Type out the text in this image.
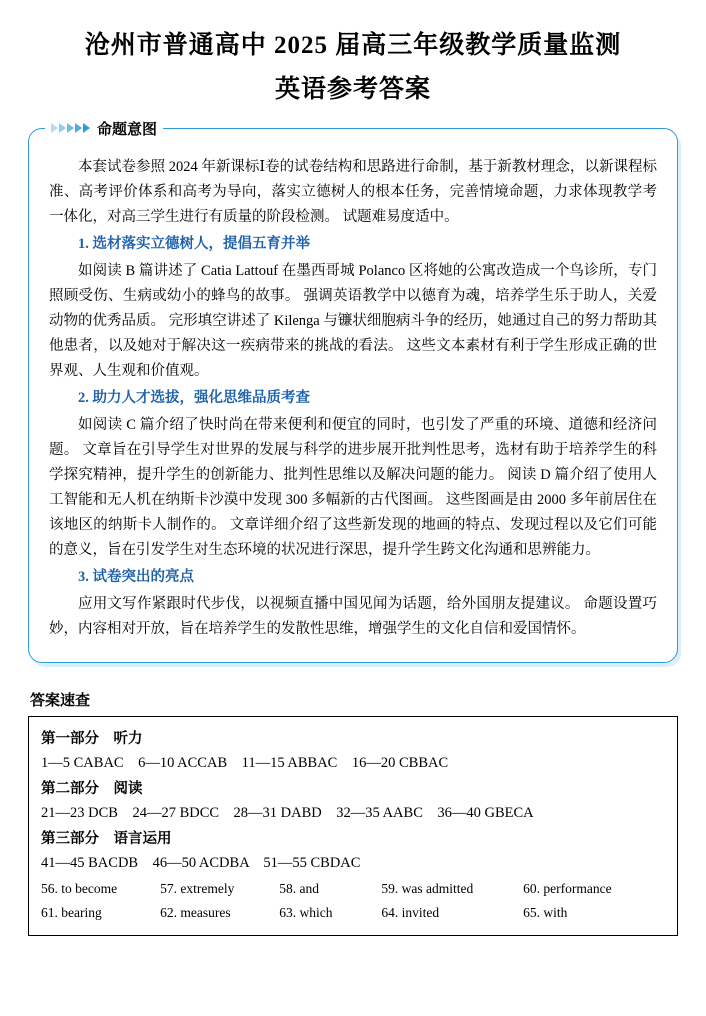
沧州市普通高中 2025 届高三年级教学质量监测
英语参考答案
命题意图

本套试卷参照 2024 年新课标Ⅰ卷的试卷结构和思路进行命制，基于新教材理念，以新课程标准、高考评价体系和高考为导向，落实立德树人的根本任务，完善情境命题，力求体现教学考一体化，对高三学生进行有质量的阶段检测。 试题难易度适中。

1. 选材落实立德树人，提倡五育并举

如阅读 B 篇讲述了 Catia Lattouf 在墨西哥城 Polanco 区将她的公寓改造成一个鸟诊所，专门照顾受伤、生病或幼小的蜂鸟的故事。 强调英语教学中以德育为魂，培养学生乐于助人，关爱动物的优秀品质。 完形填空讲述了 Kilenga 与镰状细胞病斗争的经历，她通过自己的努力帮助其他患者，以及她对于解决这一疾病带来的挑战的看法。 这些文本素材有利于学生形成正确的世界观、人生观和价值观。

2. 助力人才选拔，强化思维品质考查

如阅读 C 篇介绍了快时尚在带来便利和便宜的同时，也引发了严重的环境、道德和经济问题。 文章旨在引导学生对世界的发展与科学的进步展开批判性思考，选材有助于培养学生的科学探究精神，提升学生的创新能力、批判性思维以及解决问题的能力。 阅读 D 篇介绍了使用人工智能和无人机在纳斯卡沙漠中发现 300 多幅新的古代图画。 这些图画是由 2000 多年前居住在该地区的纳斯卡人制作的。 文章详细介绍了这些新发现的地画的特点、发现过程以及它们可能的意义，旨在引发学生对生态环境的状况进行深思，提升学生跨文化沟通和思辨能力。

3. 试卷突出的亮点

应用文写作紧跟时代步伐，以视频直播中国见闻为话题，给外国朋友提建议。 命题设置巧妙，内容相对开放，旨在培养学生的发散性思维，增强学生的文化自信和爱国情怀。

答案速查

第一部分　听力

1—5 CABAC　6—10 ACCAB　11—15 ABBAC　16—20 CBBAC

第二部分　阅读

21—23 DCB　24—27 BDCC　28—31 DABD　32—35 AABC　36—40 GBECA

第三部分　语言运用

41—45 BACDB　46—50 ACDBA　51—55 CBDAC

56. to become	57. extremely	58. and	59. was admitted	60. performance
61. bearing	62. measures	63. which	64. invited	65. with
